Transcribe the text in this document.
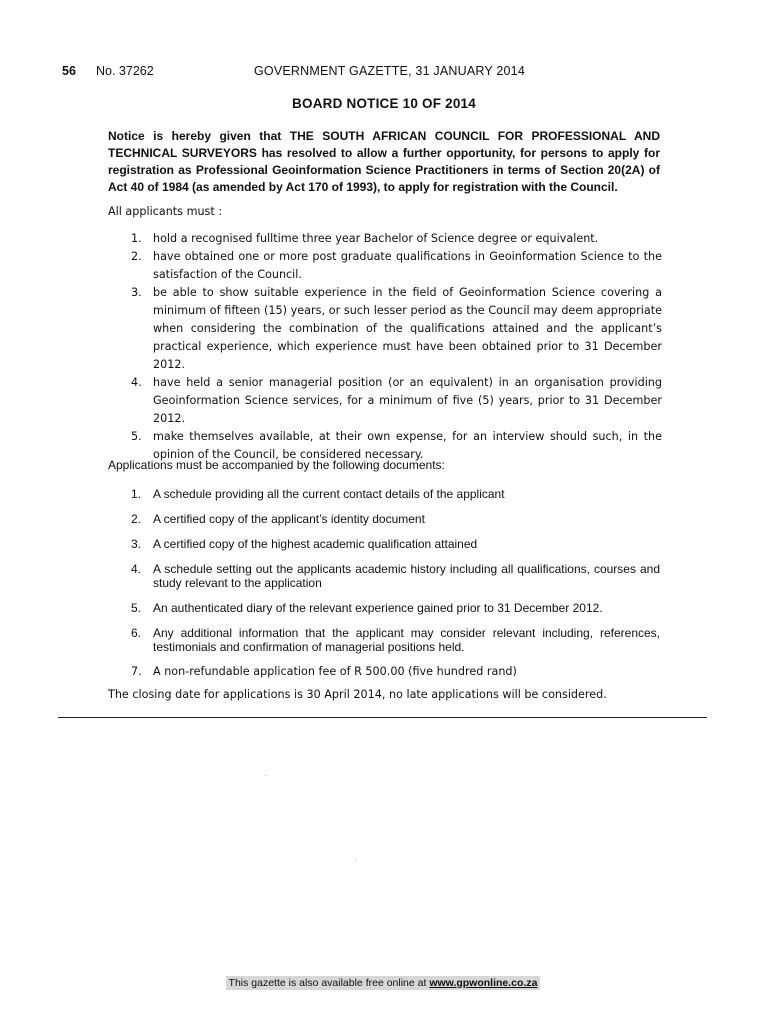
56 No. 37262	GOVERNMENT GAZETTE, 31 JANUARY 2014
BOARD NOTICE 10 OF 2014
Notice is hereby given that THE SOUTH AFRICAN COUNCIL FOR PROFESSIONAL AND TECHNICAL SURVEYORS has resolved to allow a further opportunity, for persons to apply for registration as Professional Geoinformation Science Practitioners in terms of Section 20(2A) of Act 40 of 1984 (as amended by Act 170 of 1993), to apply for registration with the Council.
All applicants must :
1. hold a recognised fulltime three year Bachelor of Science degree or equivalent.
2. have obtained one or more post graduate qualifications in Geoinformation Science to the satisfaction of the Council.
3. be able to show suitable experience in the field of Geoinformation Science covering a minimum of fifteen (15) years, or such lesser period as the Council may deem appropriate when considering the combination of the qualifications attained and the applicant’s practical experience, which experience must have been obtained prior to 31 December 2012.
4. have held a senior managerial position (or an equivalent) in an organisation providing Geoinformation Science services, for a minimum of five (5) years, prior to 31 December 2012.
5. make themselves available, at their own expense, for an interview should such, in the opinion of the Council, be considered necessary.
Applications must be accompanied by the following documents:
1. A schedule providing all the current contact details of the applicant
2. A certified copy of the applicant’s identity document
3. A certified copy of the highest academic qualification attained
4. A schedule setting out the applicants academic history including all qualifications, courses and study relevant to the application
5. An authenticated diary of the relevant experience gained prior to 31 December 2012.
6. Any additional information that the applicant may consider relevant including, references, testimonials and confirmation of managerial positions held.
7. A non-refundable application fee of R 500.00 (five hundred rand)
The closing date for applications is 30 April 2014, no late applications will be considered.
This gazette is also available free online at www.gpwonline.co.za
